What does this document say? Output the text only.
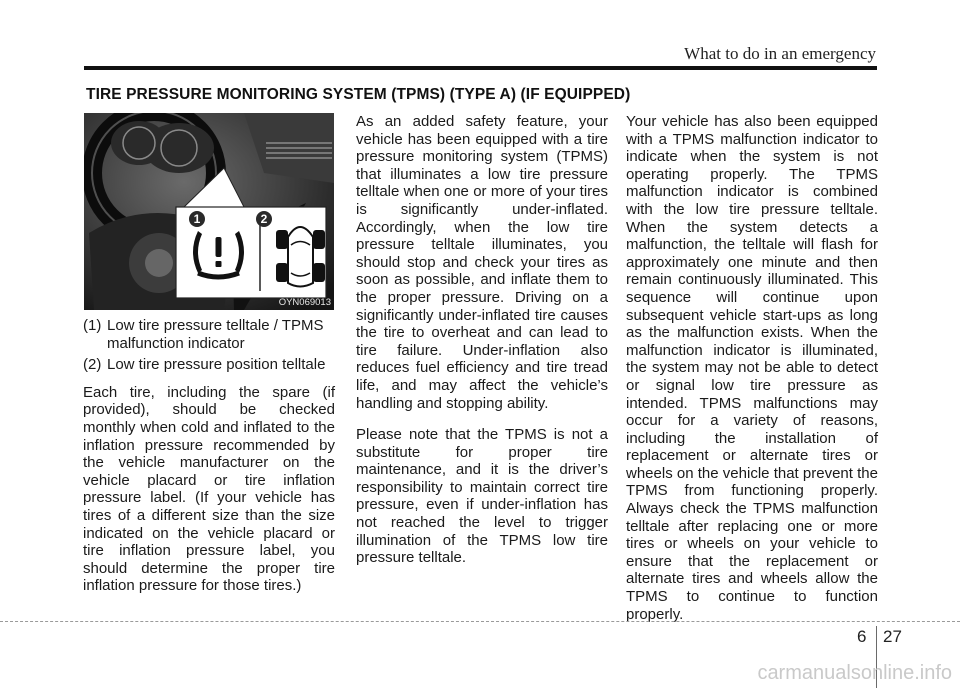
What to do in an emergency
TIRE PRESSURE MONITORING SYSTEM (TPMS) (TYPE A) (IF EQUIPPED)
1	2
OYN069013
(1) Low tire pressure telltale / TPMS malfunction indicator
(2) Low tire pressure position telltale

Each tire, including the spare (if provided), should be checked monthly when cold and inflated to the inflation pressure recommended by the vehicle manufacturer on the vehicle placard or tire inflation pressure label. (If your vehicle has tires of a different size than the size indicated on the vehicle placard or tire inflation pressure label, you should determine the proper tire inflation pressure for those tires.)

As an added safety feature, your vehicle has been equipped with a tire pressure monitoring system (TPMS) that illuminates a low tire pressure telltale when one or more of your tires is significantly under-inflated. Accordingly, when the low tire pressure telltale illuminates, you should stop and check your tires as soon as possible, and inflate them to the proper pressure. Driving on a significantly under-inflated tire causes the tire to overheat and can lead to tire failure. Under-inflation also reduces fuel efficiency and tire tread life, and may affect the vehicle’s handling and stopping ability.

Please note that the TPMS is not a substitute for proper tire maintenance, and it is the driver’s responsibility to maintain correct tire pressure, even if under-inflation has not reached the level to trigger illumination of the TPMS low tire pressure telltale.

Your vehicle has also been equipped with a TPMS malfunction indicator to indicate when the system is not operating properly. The TPMS malfunction indicator is combined with the low tire pressure telltale. When the system detects a malfunction, the telltale will flash for approximately one minute and then remain continuously illuminated. This sequence will continue upon subsequent vehicle start-ups as long as the malfunction exists. When the malfunction indicator is illuminated, the system may not be able to detect or signal low tire pressure as intended. TPMS malfunctions may occur for a variety of reasons, including the installation of replacement or alternate tires or wheels on the vehicle that prevent the TPMS from functioning properly. Always check the TPMS malfunction telltale after replacing one or more tires or wheels on your vehicle to ensure that the replacement or alternate tires and wheels allow the TPMS to continue to function properly.

6 27
carmanualsonline.info
